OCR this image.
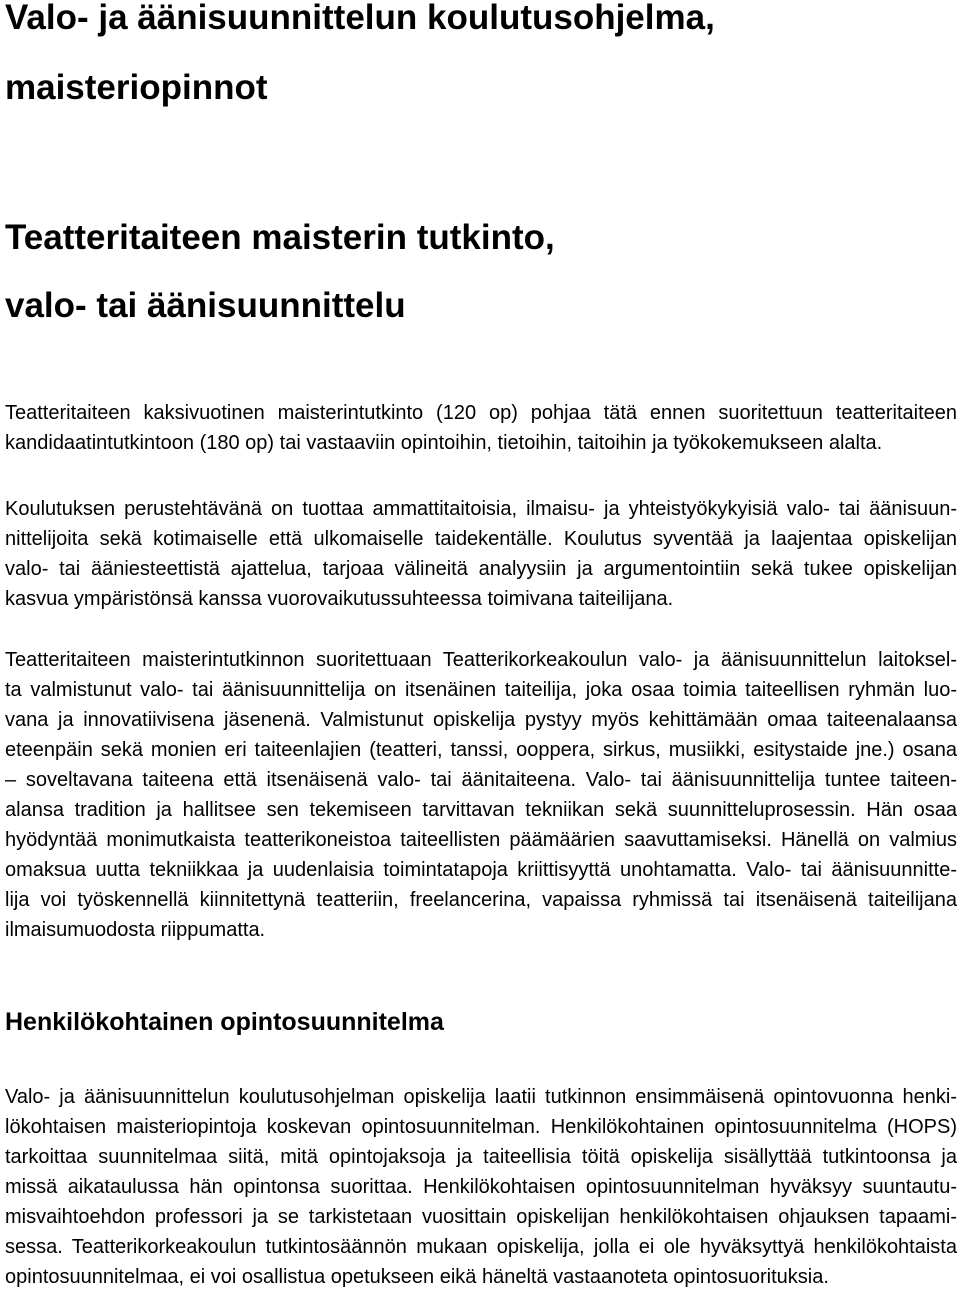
Valo- ja äänisuunnittelun koulutusohjelma,
maisteriopinnot
Teatteritaiteen maisterin tutkinto,
valo- tai äänisuunnittelu

Teatteritaiteen kaksivuotinen maisterintutkinto (120 op) pohjaa tätä ennen suoritettuun teatteritaiteen
kandidaatintutkintoon (180 op) tai vastaaviin opintoihin, tietoihin, taitoihin ja työkokemukseen alalta.

Koulutuksen perustehtävänä on tuottaa ammattitaitoisia, ilmaisu- ja yhteistyökykyisiä valo- tai äänisuun-
nittelijoita sekä kotimaiselle että ulkomaiselle taidekentälle. Koulutus syventää ja laajentaa opiskelijan
valo- tai ääniesteettistä ajattelua, tarjoaa välineitä analyysiin ja argumentointiin sekä tukee opiskelijan
kasvua ympäristönsä kanssa vuorovaikutussuhteessa toimivana taiteilijana.

Teatteritaiteen maisterintutkinnon suoritettuaan Teatterikorkeakoulun valo- ja äänisuunnittelun laitoksel-
ta valmistunut valo- tai äänisuunnittelija on itsenäinen taiteilija, joka osaa toimia taiteellisen ryhmän luo-
vana ja innovatiivisena jäsenenä. Valmistunut opiskelija pystyy myös kehittämään omaa taiteenalaansa
eteenpäin sekä monien eri taiteenlajien (teatteri, tanssi, ooppera, sirkus, musiikki, esitystaide jne.) osana
– soveltavana taiteena että itsenäisenä valo- tai äänitaiteena. Valo- tai äänisuunnittelija tuntee taiteen-
alansa tradition ja hallitsee sen tekemiseen tarvittavan tekniikan sekä suunnitteluprosessin. Hän osaa
hyödyntää monimutkaista teatterikoneistoa taiteellisten päämäärien saavuttamiseksi. Hänellä on valmius
omaksua uutta tekniikkaa ja uudenlaisia toimintatapoja kriittisyyttä unohtamatta. Valo- tai äänisuunnitte-
lija voi työskennellä kiinnitettynä teatteriin, freelancerina, vapaissa ryhmissä tai itsenäisenä taiteilijana
ilmaisumuodosta riippumatta.

Henkilökohtainen opintosuunnitelma

Valo- ja äänisuunnittelun koulutusohjelman opiskelija laatii tutkinnon ensimmäisenä opintovuonna henki-
lökohtaisen maisteriopintoja koskevan opintosuunnitelman. Henkilökohtainen opintosuunnitelma (HOPS)
tarkoittaa suunnitelmaa siitä, mitä opintojaksoja ja taiteellisia töitä opiskelija sisällyttää tutkintoonsa ja
missä aikataulussa hän opintonsa suorittaa. Henkilökohtaisen opintosuunnitelman hyväksyy suuntautu-
misvaihtoehdon professori ja se tarkistetaan vuosittain opiskelijan henkilökohtaisen ohjauksen tapaami-
sessa. Teatterikorkeakoulun tutkintosäännön mukaan opiskelija, jolla ei ole hyväksyttyä henkilökohtaista
opintosuunnitelmaa, ei voi osallistua opetukseen eikä häneltä vastaanoteta opintosuorituksia.
